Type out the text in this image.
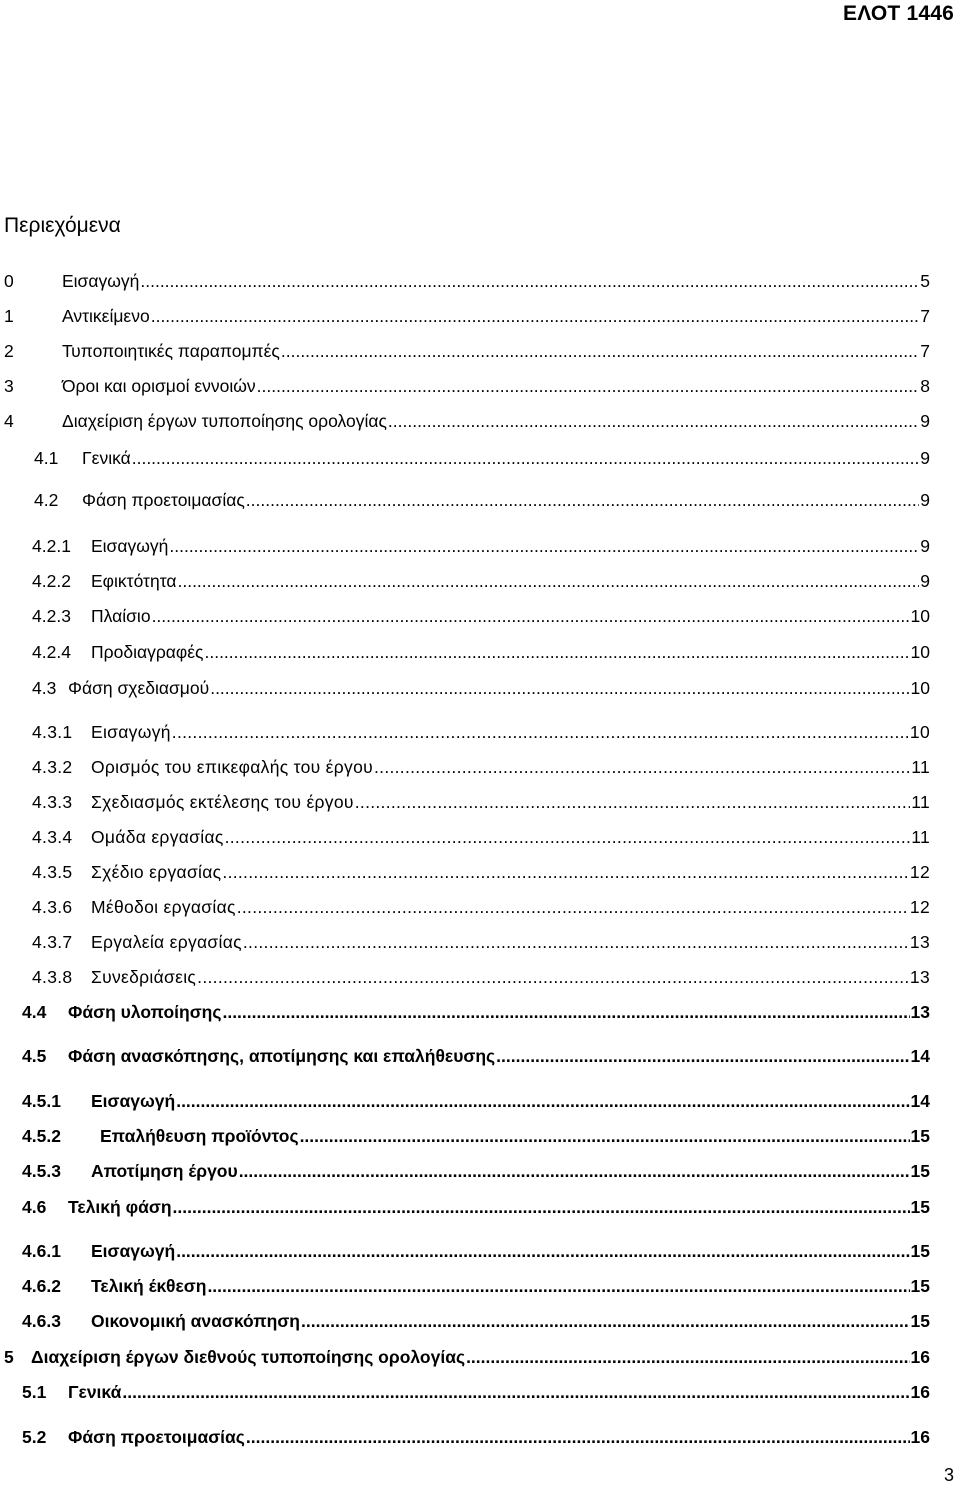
ΕΛΟΤ 1446
Περιεχόμενα
0	Εισαγωγή .....	5
1	Αντικείμενο .....	7
2	Τυποποιητικές παραπομπές .....	7
3	Όροι και ορισμοί εννοιών .....	8
4	Διαχείριση έργων τυποποίησης ορολογίας .....	9
4.1	Γενικά .....	9
4.2	Φάση προετοιμασίας .....	9
4.2.1	Εισαγωγή .....	9
4.2.2	Εφικτότητα .....	9
4.2.3	Πλαίσιο .....	10
4.2.4	Προδιαγραφές .....	10
4.3 Φάση σχεδιασμού .....	10
4.3.1	Εισαγωγή .....	10
4.3.2	Ορισμός του επικεφαλής του έργου .....	11
4.3.3	Σχεδιασμός εκτέλεσης του έργου .....	11
4.3.4	Ομάδα εργασίας .....	11
4.3.5	Σχέδιο εργασίας .....	12
4.3.6	Μέθοδοι εργασίας .....	12
4.3.7	Εργαλεία εργασίας .....	13
4.3.8	Συνεδριάσεις .....	13
4.4	Φάση υλοποίησης .....	13
4.5	Φάση ανασκόπησης, αποτίμησης και επαλήθευσης .....	14
4.5.1	Εισαγωγή .....	14
4.5.2	Επαλήθευση προϊόντος .....	15
4.5.3	Αποτίμηση έργου .....	15
4.6	Τελική φάση .....	15
4.6.1	Εισαγωγή .....	15
4.6.2	Τελική έκθεση .....	15
4.6.3	Οικονομική ανασκόπηση .....	15
5 Διαχείριση έργων διεθνούς τυποποίησης ορολογίας .....	16
5.1	Γενικά .....	16
5.2	Φάση προετοιμασίας .....	16
3
